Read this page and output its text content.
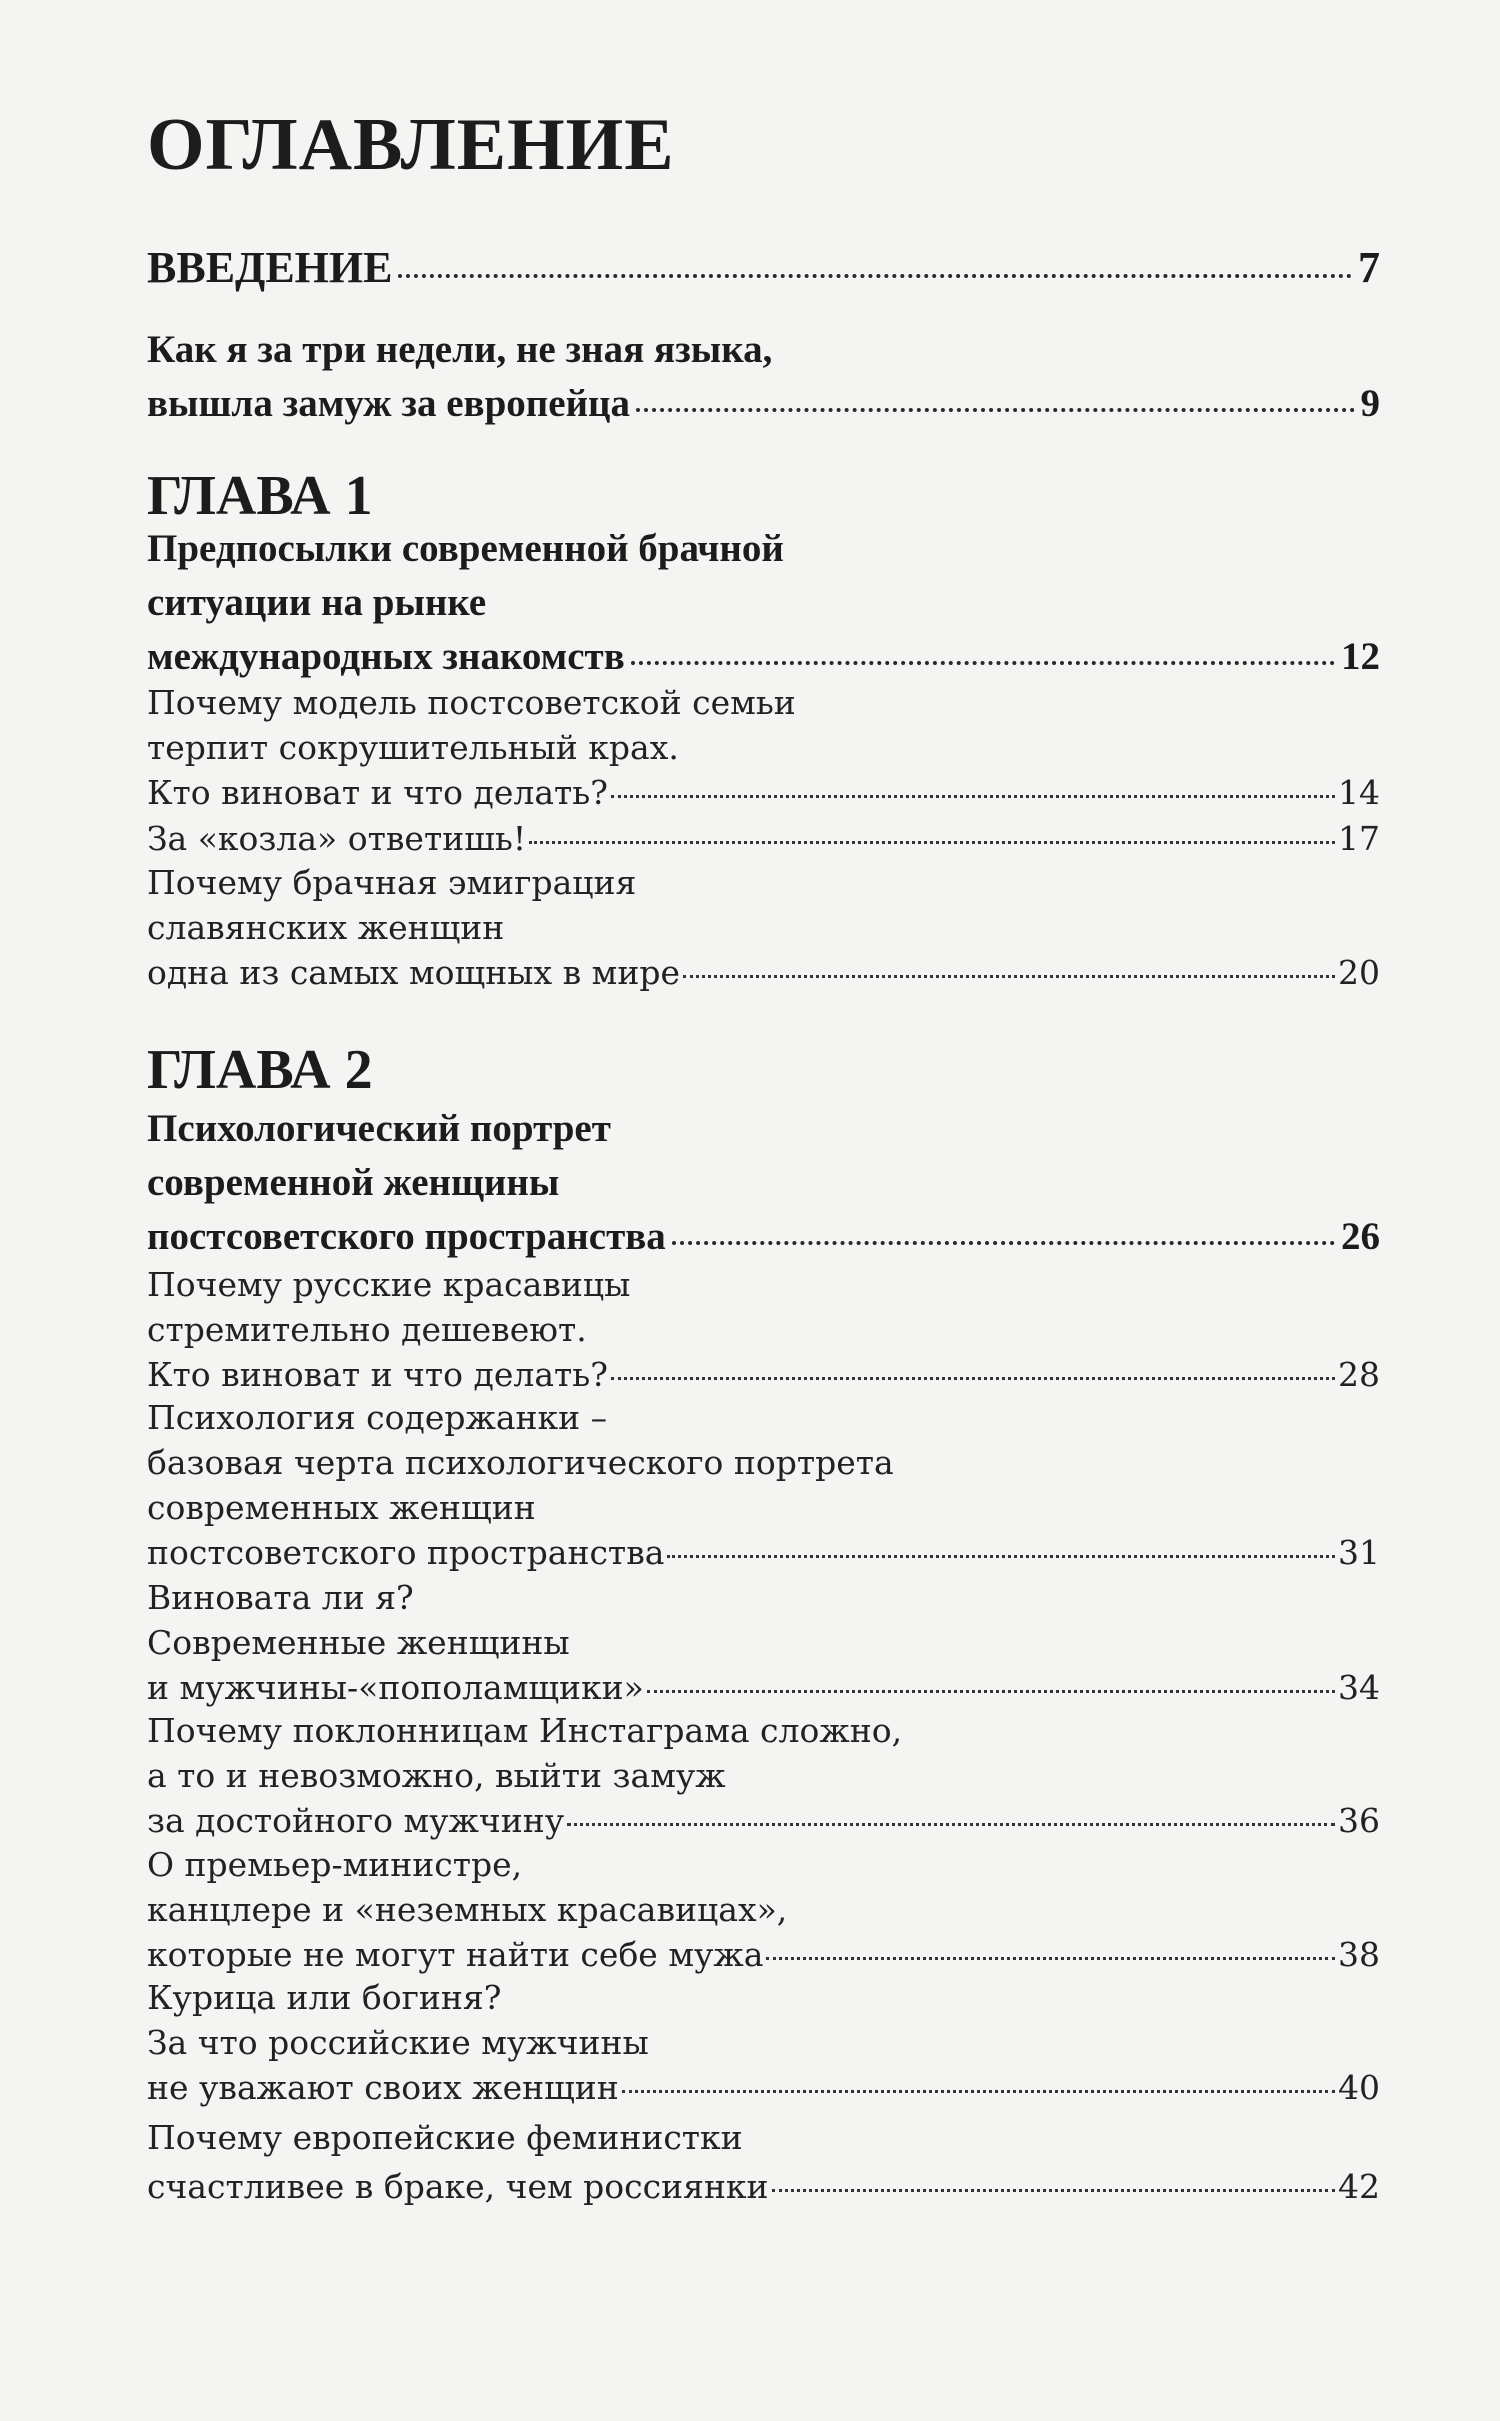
ОГЛАВЛЕНИЕ
ВВЕДЕНИЕ	7
Как я за три недели, не зная языка,
вышла замуж за европейца	9
ГЛАВА 1
Предпосылки современной брачной
ситуации на рынке
международных знакомств	12
Почему модель постсоветской семьи
терпит сокрушительный крах.
Кто виноват и что делать?	14
За «козла» ответишь!	17
Почему брачная эмиграция
славянских женщин
одна из самых мощных в мире	20
ГЛАВА 2
Психологический портрет
современной женщины
постсоветского пространства	26
Почему русские красавицы
стремительно дешевеют.
Кто виноват и что делать?	28
Психология содержанки –
базовая черта психологического портрета
современных женщин
постсоветского пространства	31
Виновата ли я?
Современные женщины
и мужчины-«пополамщики»	34
Почему поклонницам Инстаграма сложно,
а то и невозможно, выйти замуж
за достойного мужчину	36
О премьер-министре,
канцлере и «неземных красавицах»,
которые не могут найти себе мужа	38
Курица или богиня?
За что российские мужчины
не уважают своих женщин	40
Почему европейские феминистки
счастливее в браке, чем россиянки	42
